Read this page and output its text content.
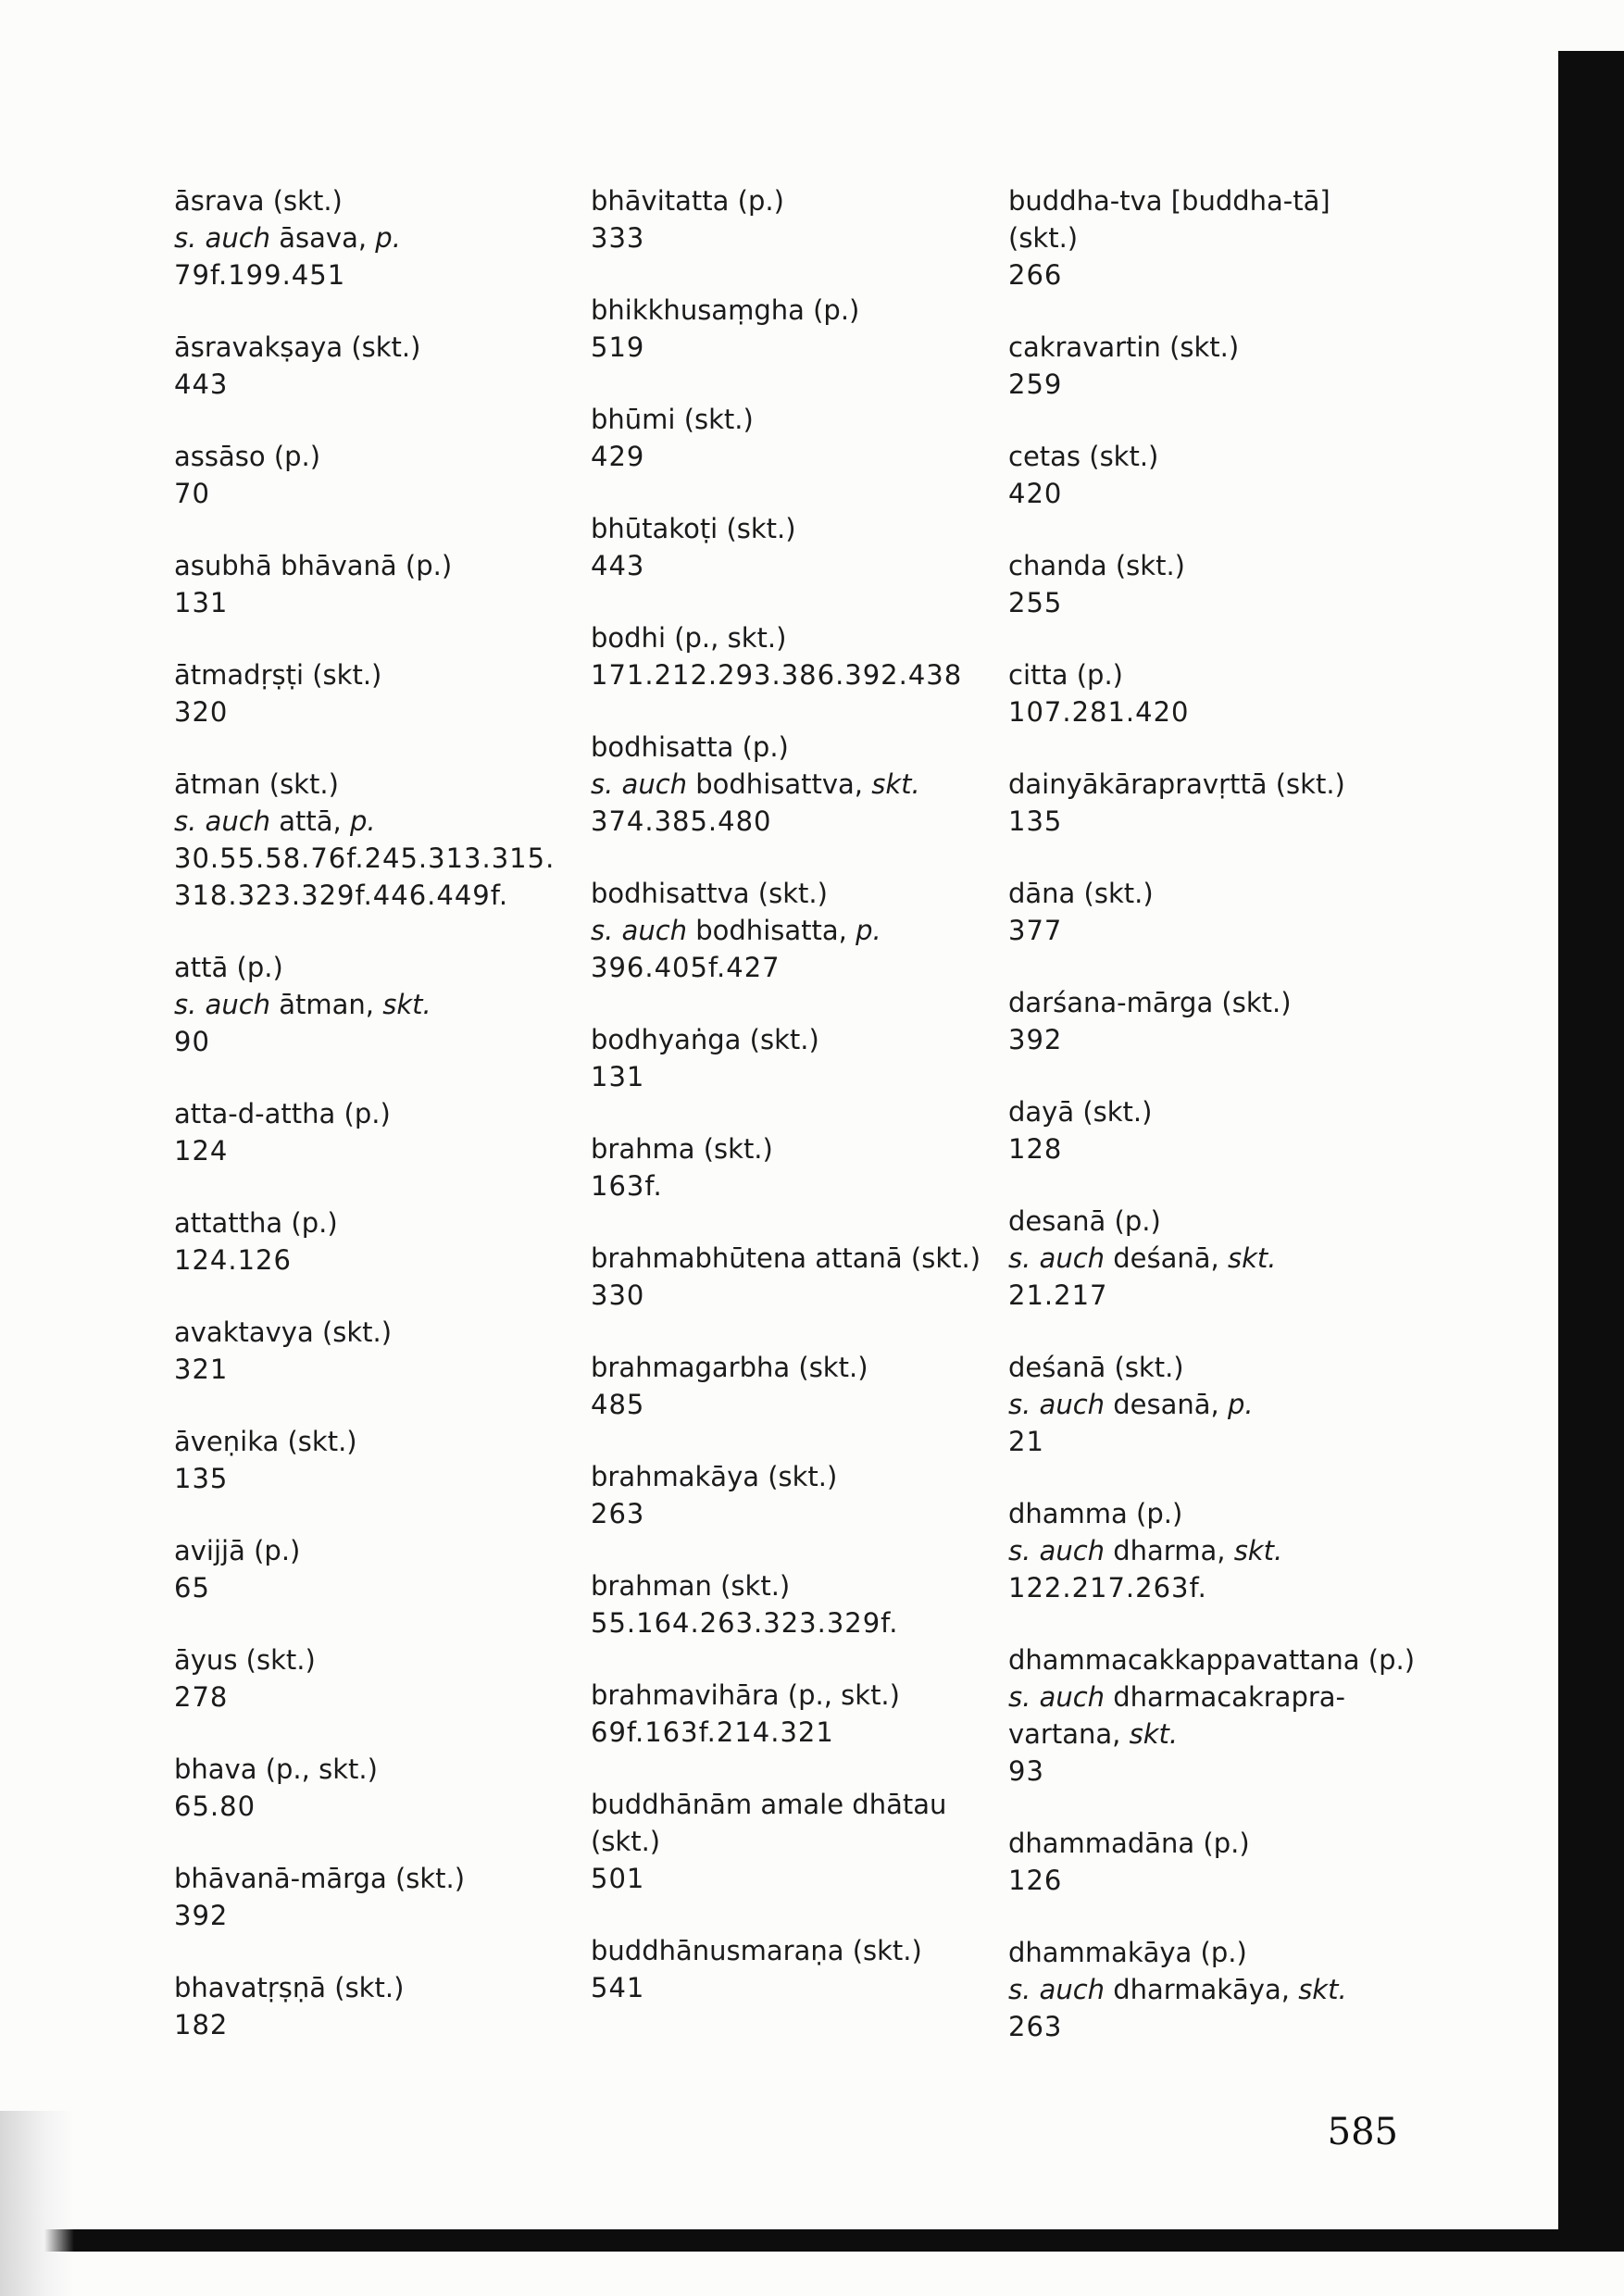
āsrava (skt.)
s. auch āsava, p.
79f.199.451
āsravakṣaya (skt.)
443
assāso (p.)
70
asubhā bhāvanā (p.)
131
ātmadṛṣṭi (skt.)
320
ātman (skt.)
s. auch attā, p.
30.55.58.76f.245.313.315.
318.323.329f.446.449f.
attā (p.)
s. auch ātman, skt.
90
atta-d-attha (p.)
124
attattha (p.)
124.126
avaktavya (skt.)
321
āveṇika (skt.)
135
avijjā (p.)
65
āyus (skt.)
278
bhava (p., skt.)
65.80
bhāvanā-mārga (skt.)
392
bhavatṛṣṇā (skt.)
182
bhāvitatta (p.)
333
bhikkhusaṃgha (p.)
519
bhūmi (skt.)
429
bhūtakoṭi (skt.)
443
bodhi (p., skt.)
171.212.293.386.392.438
bodhisatta (p.)
s. auch bodhisattva, skt.
374.385.480
bodhisattva (skt.)
s. auch bodhisatta, p.
396.405f.427
bodhyaṅga (skt.)
131
brahma (skt.)
163f.
brahmabhūtena attanā (skt.)
330
brahmagarbha (skt.)
485
brahmakāya (skt.)
263
brahman (skt.)
55.164.263.323.329f.
brahmavihāra (p., skt.)
69f.163f.214.321
buddhānām amale dhātau
(skt.)
501
buddhānusmaraṇa (skt.)
541
buddha-tva [buddha-tā]
(skt.)
266
cakravartin (skt.)
259
cetas (skt.)
420
chanda (skt.)
255
citta (p.)
107.281.420
dainyākārapravṛttā (skt.)
135
dāna (skt.)
377
darśana-mārga (skt.)
392
dayā (skt.)
128
desanā (p.)
s. auch deśanā, skt.
21.217
deśanā (skt.)
s. auch desanā, p.
21
dhamma (p.)
s. auch dharma, skt.
122.217.263f.
dhammacakkappavattana (p.)
s. auch dharmacakrapra-
vartana, skt.
93
dhammadāna (p.)
126
dhammakāya (p.)
s. auch dharmakāya, skt.
263
585
